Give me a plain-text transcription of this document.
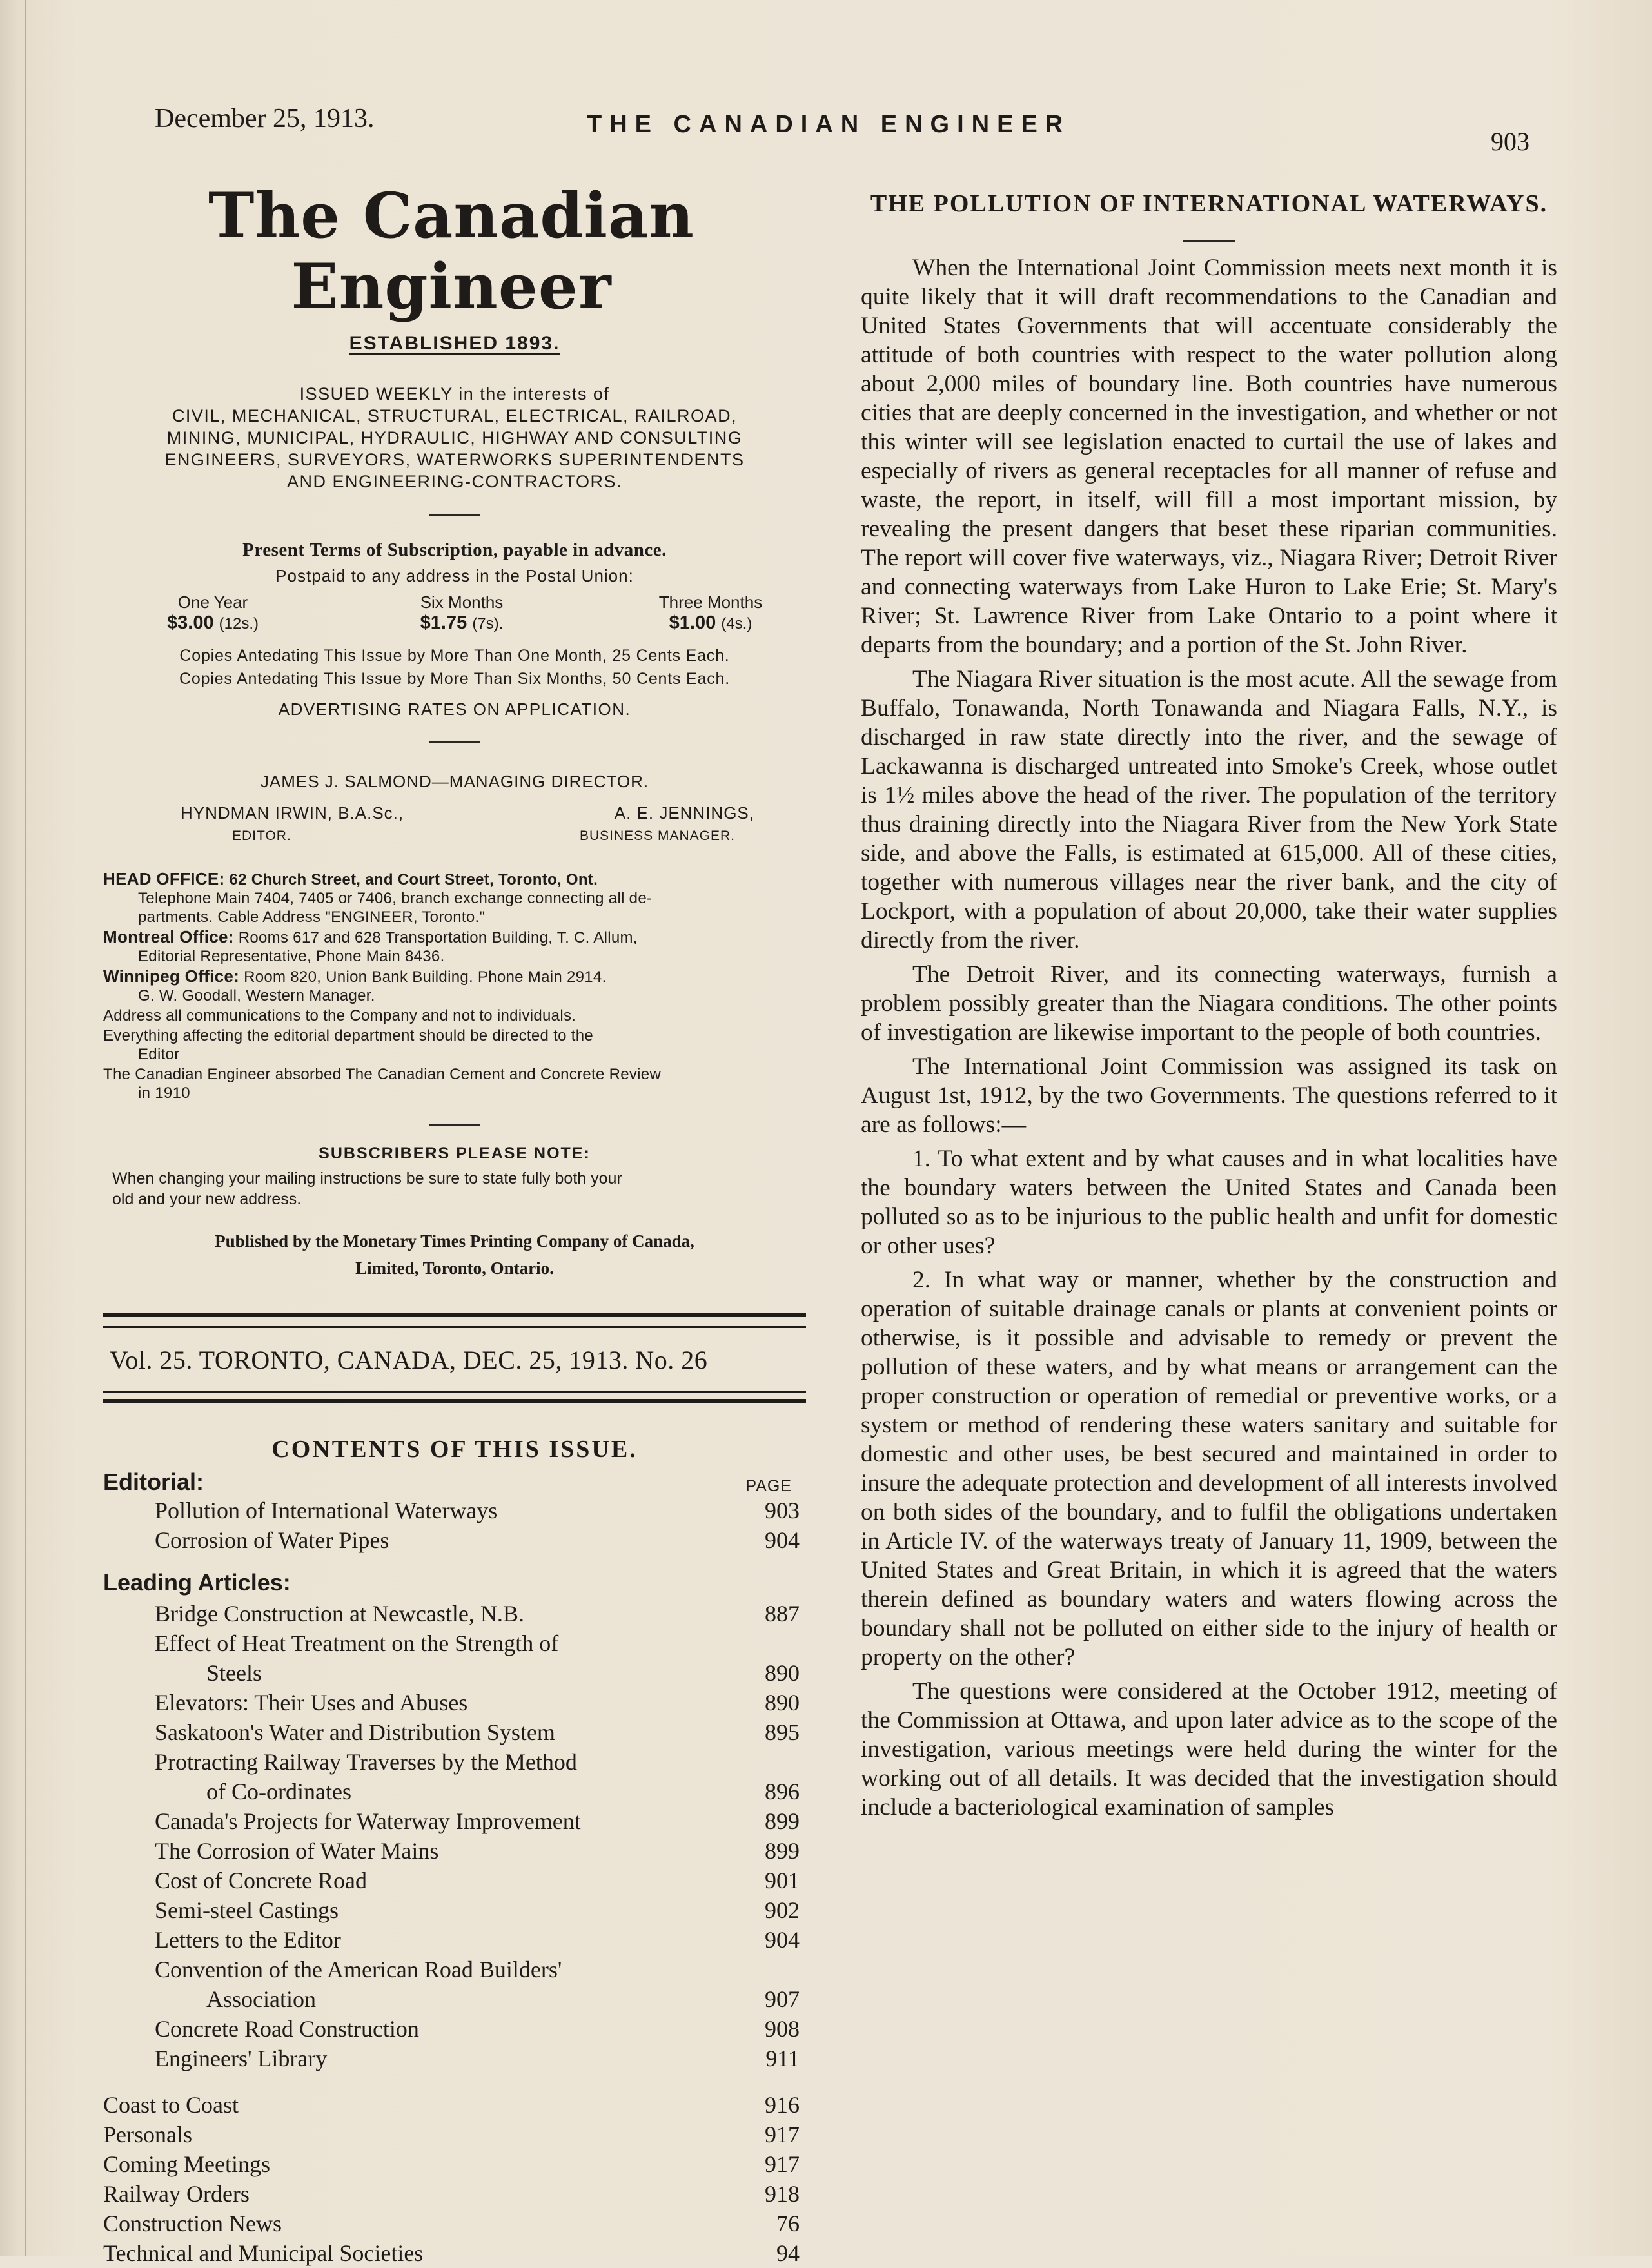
December 25, 1913.	THE CANADIAN ENGINEER
903
The Canadian Engineer
ESTABLISHED 1893.
ISSUED WEEKLY in the interests of
CIVIL, MECHANICAL, STRUCTURAL, ELECTRICAL, RAILROAD,
MINING, MUNICIPAL, HYDRAULIC, HIGHWAY AND CONSULTING
ENGINEERS, SURVEYORS, WATERWORKS SUPERINTENDENTS
AND ENGINEERING-CONTRACTORS.
Present Terms of Subscription, payable in advance.
Postpaid to any address in the Postal Union:
One Year
$3.00 (12s.)
Six Months
$1.75 (7s).
Three Months
$1.00 (4s.)
Copies Antedating This Issue by More Than One Month, 25 Cents Each.
Copies Antedating This Issue by More Than Six Months, 50 Cents Each.
ADVERTISING RATES ON APPLICATION.
JAMES J. SALMOND—MANAGING DIRECTOR.
HYNDMAN IRWIN, B.A.Sc.,	A. E. JENNINGS,
EDITOR.	BUSINESS MANAGER.
HEAD OFFICE: 62 Church Street, and Court Street, Toronto, Ont.
Telephone Main 7404, 7405 or 7406, branch exchange connecting all de-
partments. Cable Address "ENGINEER, Toronto."
Montreal Office: Rooms 617 and 628 Transportation Building, T. C. Allum,
Editorial Representative, Phone Main 8436.
Winnipeg Office: Room 820, Union Bank Building. Phone Main 2914.
G. W. Goodall, Western Manager.
Address all communications to the Company and not to individuals.
Everything affecting the editorial department should be directed to the
Editor
The Canadian Engineer absorbed The Canadian Cement and Concrete Review
in 1910
SUBSCRIBERS PLEASE NOTE:
When changing your mailing instructions be sure to state fully both your
old and your new address.
Published by the Monetary Times Printing Company of Canada,
Limited, Toronto, Ontario.
Vol. 25. TORONTO, CANADA, DEC. 25, 1913. No. 26
CONTENTS OF THIS ISSUE.
Editorial:	PAGE
Pollution of International Waterways	903
Corrosion of Water Pipes	904
Leading Articles:
Bridge Construction at Newcastle, N.B.	887
Effect of Heat Treatment on the Strength of
Steels	890
Elevators: Their Uses and Abuses	890
Saskatoon's Water and Distribution System	895
Protracting Railway Traverses by the Method
of Co-ordinates	896
Canada's Projects for Waterway Improvement	899
The Corrosion of Water Mains	899
Cost of Concrete Road	901
Semi-steel Castings	902
Letters to the Editor	904
Convention of the American Road Builders'
Association	907
Concrete Road Construction	908
Engineers' Library	911
Coast to Coast	916
Personals	917
Coming Meetings	917
Railway Orders	918
Construction News	76
Technical and Municipal Societies	94
THE POLLUTION OF INTERNATIONAL WATERWAYS.

When the International Joint Commission meets next month it is quite likely that it will draft recommendations to the Canadian and United States Governments that will accentuate considerably the attitude of both countries with respect to the water pollution along about 2,000 miles of boundary line. Both countries have numerous cities that are deeply concerned in the investigation, and whether or not this winter will see legislation enacted to curtail the use of lakes and especially of rivers as general receptacles for all manner of refuse and waste, the report, in itself, will fill a most important mission, by revealing the present dangers that beset these riparian communities. The report will cover five waterways, viz., Niagara River; Detroit River and connecting waterways from Lake Huron to Lake Erie; St. Mary's River; St. Lawrence River from Lake Ontario to a point where it departs from the boundary; and a portion of the St. John River.

The Niagara River situation is the most acute. All the sewage from Buffalo, Tonawanda, North Tonawanda and Niagara Falls, N.Y., is discharged in raw state directly into the river, and the sewage of Lackawanna is discharged untreated into Smoke's Creek, whose outlet is 1½ miles above the head of the river. The population of the territory thus draining directly into the Niagara River from the New York State side, and above the Falls, is estimated at 615,000. All of these cities, together with numerous villages near the river bank, and the city of Lockport, with a population of about 20,000, take their water supplies directly from the river.

The Detroit River, and its connecting waterways, furnish a problem possibly greater than the Niagara conditions. The other points of investigation are likewise important to the people of both countries.

The International Joint Commission was assigned its task on August 1st, 1912, by the two Governments. The questions referred to it are as follows:—

1. To what extent and by what causes and in what localities have the boundary waters between the United States and Canada been polluted so as to be injurious to the public health and unfit for domestic or other uses?

2. In what way or manner, whether by the construction and operation of suitable drainage canals or plants at convenient points or otherwise, is it possible and advisable to remedy or prevent the pollution of these waters, and by what means or arrangement can the proper construction or operation of remedial or preventive works, or a system or method of rendering these waters sanitary and suitable for domestic and other uses, be best secured and maintained in order to insure the adequate protection and development of all interests involved on both sides of the boundary, and to fulfil the obligations undertaken in Article IV. of the waterways treaty of January 11, 1909, between the United States and Great Britain, in which it is agreed that the waters therein defined as boundary waters and waters flowing across the boundary shall not be polluted on either side to the injury of health or property on the other?

The questions were considered at the October 1912, meeting of the Commission at Ottawa, and upon later advice as to the scope of the investigation, various meetings were held during the winter for the working out of all details. It was decided that the investigation should include a bacteriological examination of samples
